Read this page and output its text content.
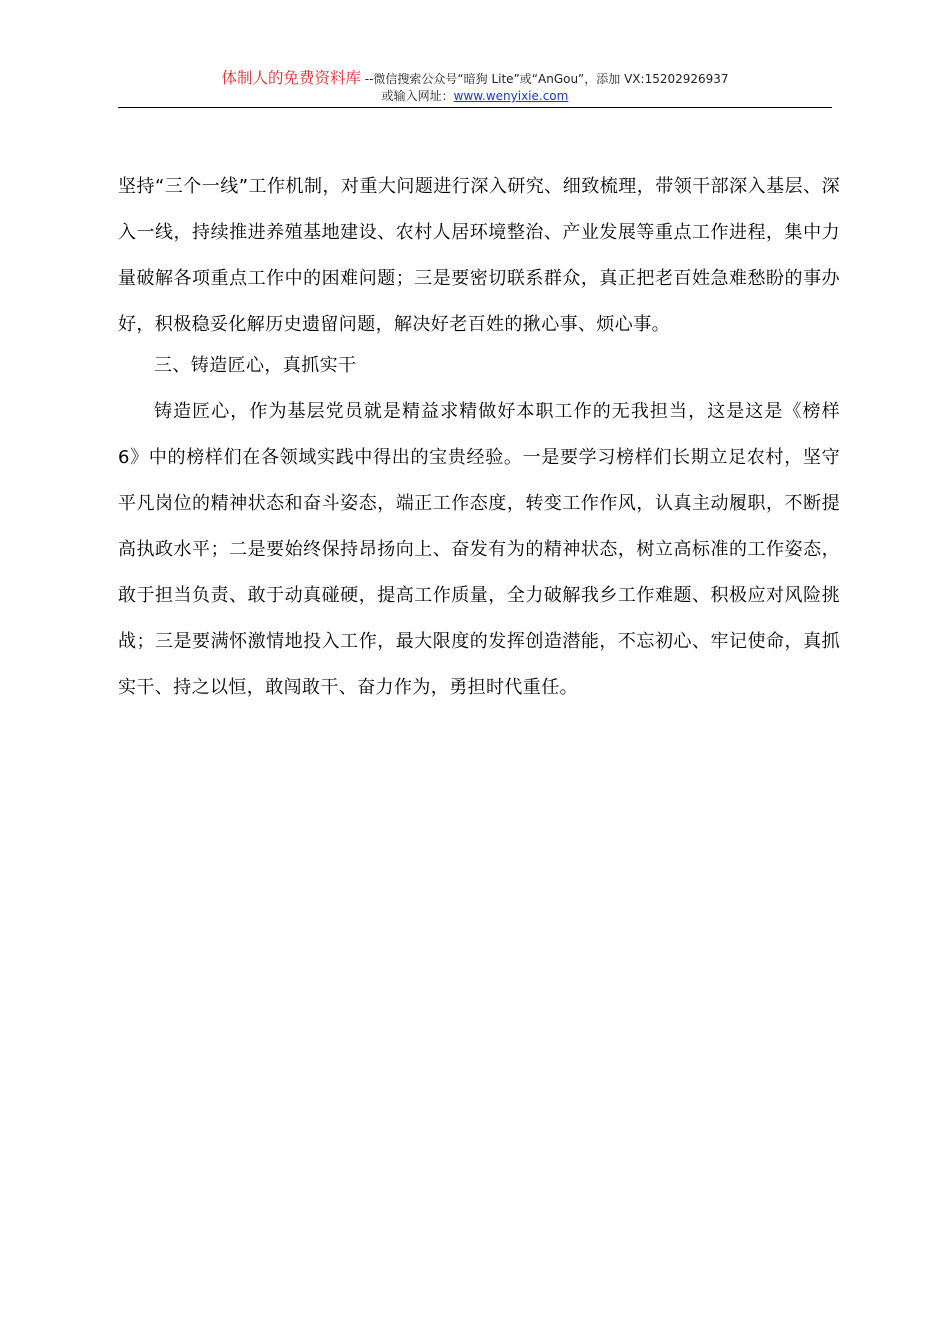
体制人的免费资料库 --微信搜索公众号“暗狗 Lite”或“AnGou”，添加 VX:15202926937
或输入网址：www.wenyixie.com

坚持“三个一线”工作机制，对重大问题进行深入研究、细致梳理，带领干部深入基层、深入一线，持续推进养殖基地建设、农村人居环境整治、产业发展等重点工作进程，集中力量破解各项重点工作中的困难问题；三是要密切联系群众，真正把老百姓急难愁盼的事办好，积极稳妥化解历史遗留问题，解决好老百姓的揪心事、烦心事。

三、铸造匠心，真抓实干

铸造匠心，作为基层党员就是精益求精做好本职工作的无我担当，这是这是《榜样 6》中的榜样们在各领域实践中得出的宝贵经验。一是要学习榜样们长期立足农村，坚守平凡岗位的精神状态和奋斗姿态，端正工作态度，转变工作作风，认真主动履职，不断提高执政水平；二是要始终保持昂扬向上、奋发有为的精神状态，树立高标准的工作姿态，敢于担当负责、敢于动真碰硬，提高工作质量，全力破解我乡工作难题、积极应对风险挑战；三是要满怀激情地投入工作，最大限度的发挥创造潜能，不忘初心、牢记使命，真抓实干、持之以恒，敢闯敢干、奋力作为，勇担时代重任。
